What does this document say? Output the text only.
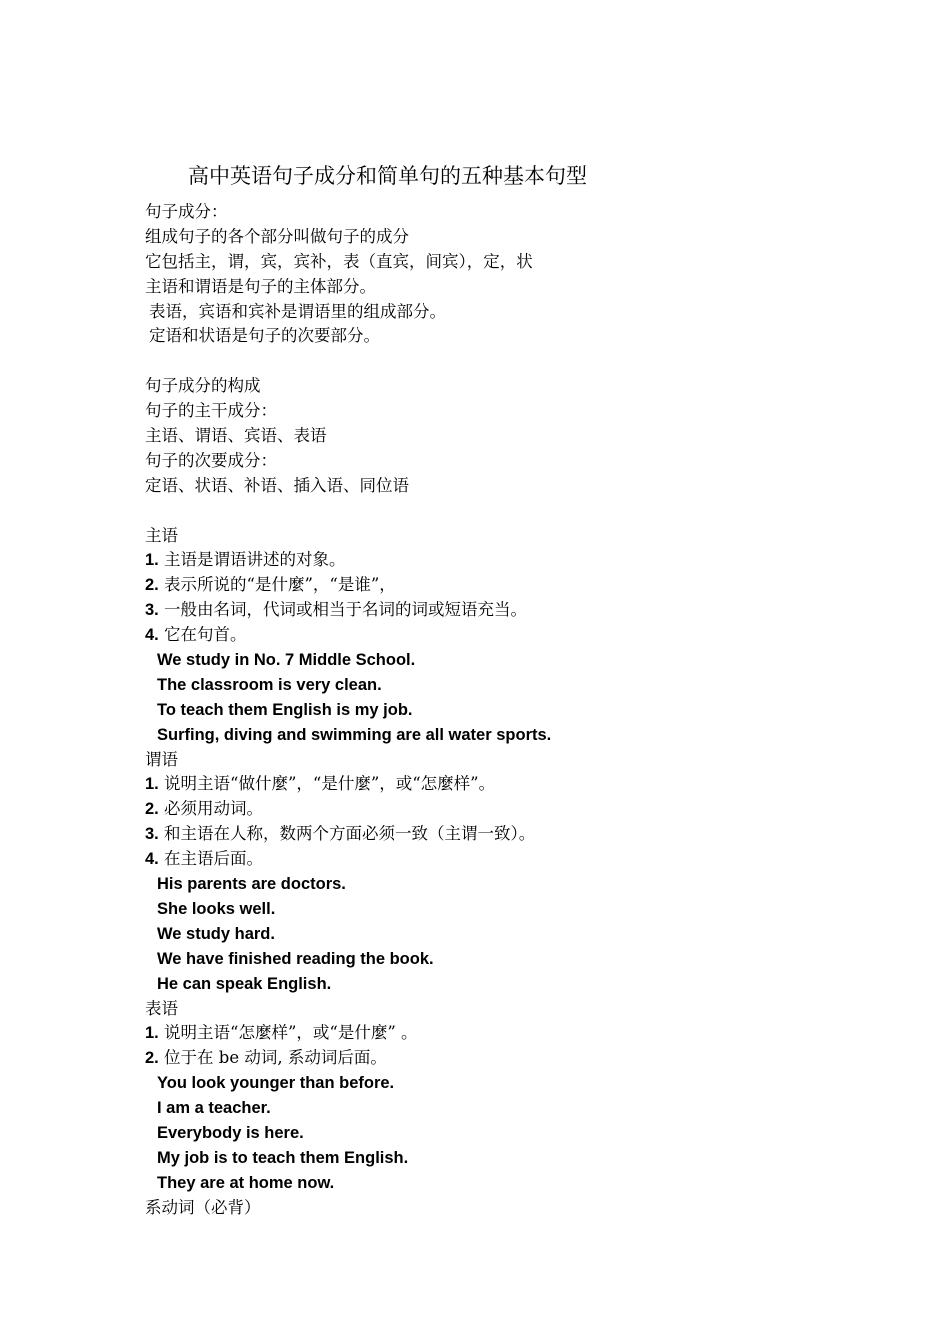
高中英语句子成分和简单句的五种基本句型
句子成分：
组成句子的各个部分叫做句子的成分
它包括主，谓，宾，宾补，表（直宾，间宾），定，状
主语和谓语是句子的主体部分。
表语，宾语和宾补是谓语里的组成部分。
定语和状语是句子的次要部分。
句子成分的构成
句子的主干成分：
主语、谓语、宾语、表语
句子的次要成分：
定语、状语、补语、插入语、同位语
主语
1. 主语是谓语讲述的对象。
2. 表示所说的“是什麼”，“是谁”，
3. 一般由名词，代词或相当于名词的词或短语充当。
4. 它在句首。
We study in No. 7 Middle School.
The classroom is very clean.
To teach them English is my job.
Surfing, diving and swimming are all water sports.
谓语
1. 说明主语“做什麼”，“是什麼”，或“怎麼样”。
2. 必须用动词。
3. 和主语在人称，数两个方面必须一致（主谓一致）。
4. 在主语后面。
His parents are doctors.
She looks well.
We study hard.
We have finished reading the book.
He can speak English.
表语
1. 说明主语“怎麼样”，或“是什麼” 。
2. 位于在 be 动词, 系动词后面。
You look younger than before.
I am a teacher.
Everybody is here.
My job is to teach them English.
They are at home now.
系动词（必背）
